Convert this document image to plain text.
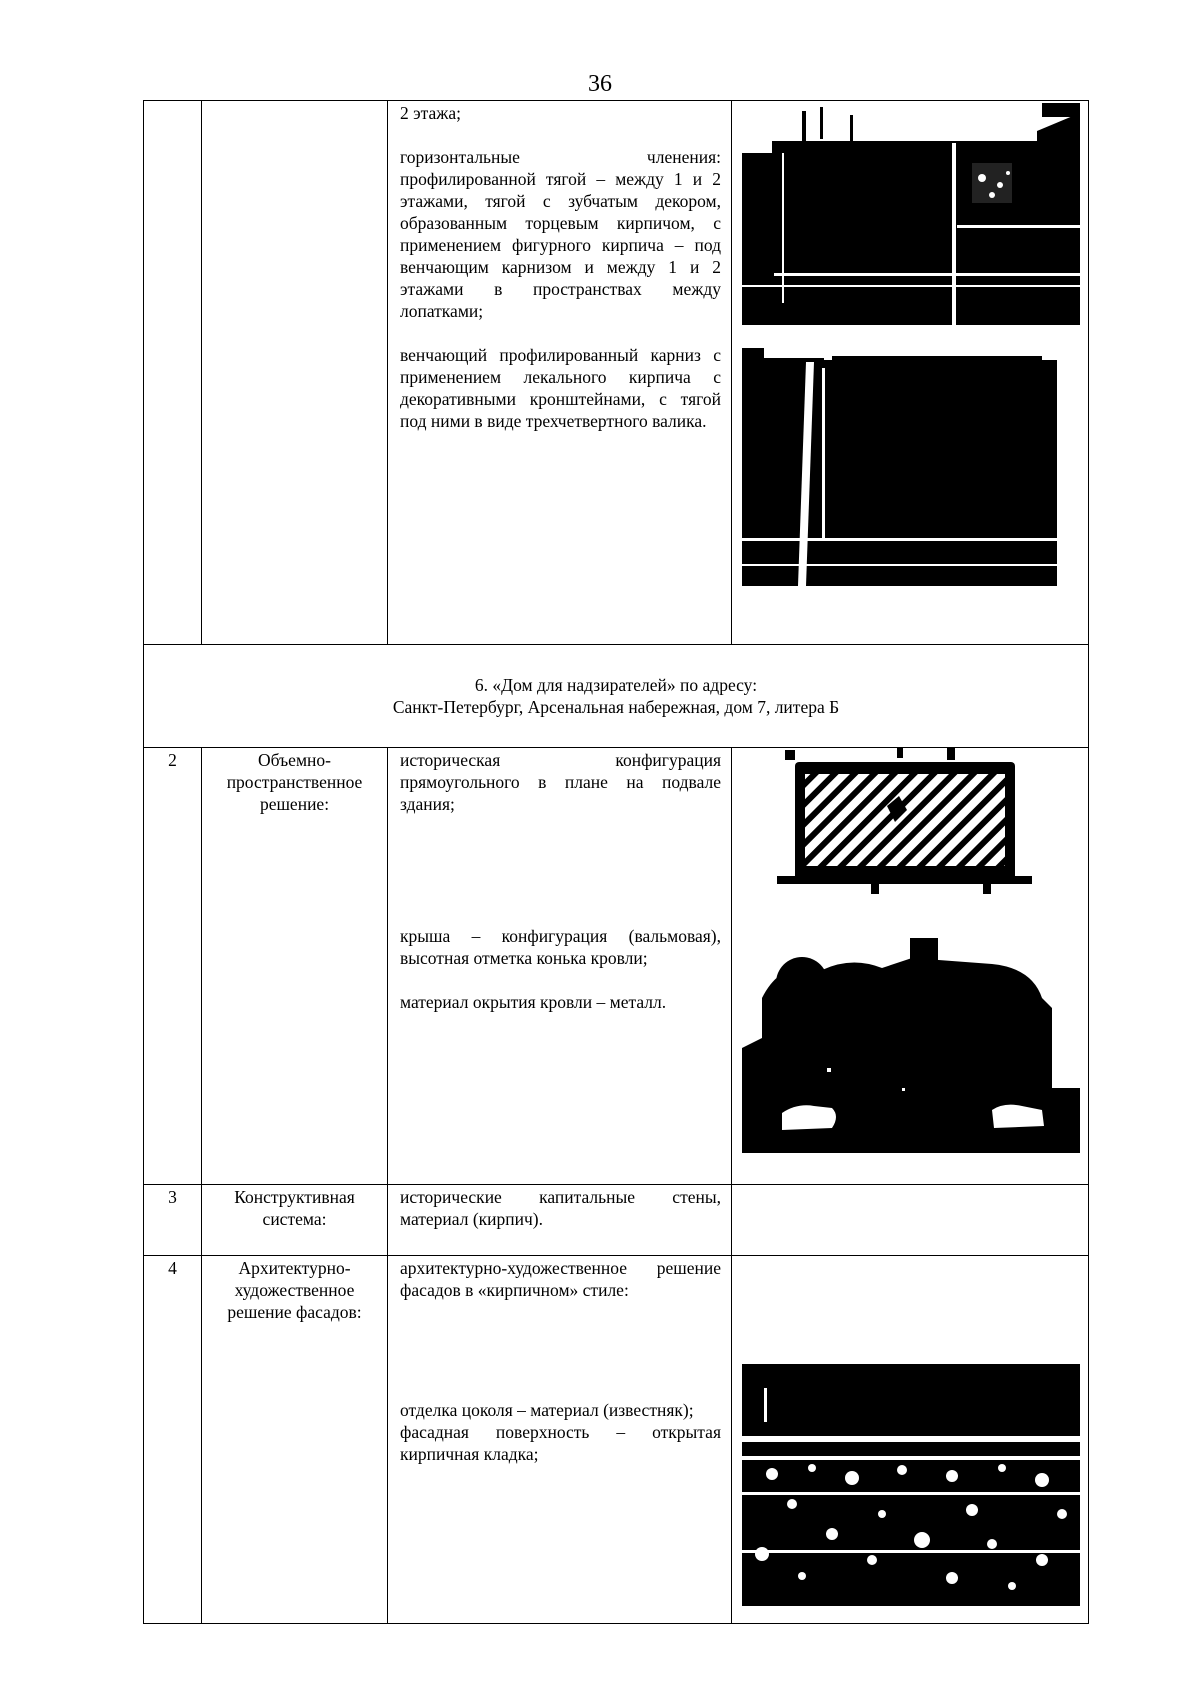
36

		2 этажа;
горизонтальные членения: профилированной тягой – между 1 и 2 этажами, тягой с зубчатым декором, образованным торцевым кирпичом, с применением фигурного кирпича – под венчающим карнизом и между 1 и 2 этажами в пространствах между лопатками;
венчающий профилированный карниз с применением лекального кирпича с декоративными кронштейнами, с тягой под ними в виде трехчетвертного валика.

6. «Дом для надзирателей» по адресу:
Санкт-Петербург, Арсенальная набережная, дом 7, литера Б			

2	Объемно-пространственное решение:	историческая конфигурация прямоугольного в плане на подвале здания;
крыша – конфигурация (вальмовая), высотная отметка конька кровли;
материал окрытия кровли – металл.

3	Конструктивная система:	исторические капитальные стены, материал (кирпич).	

4	Архитектурно-художественное решение фасадов:	архитектурно-художественное решение фасадов в «кирпичном» стиле:
отделка цоколя – материал (известняк);
фасадная поверхность – открытая кирпичная кладка;
